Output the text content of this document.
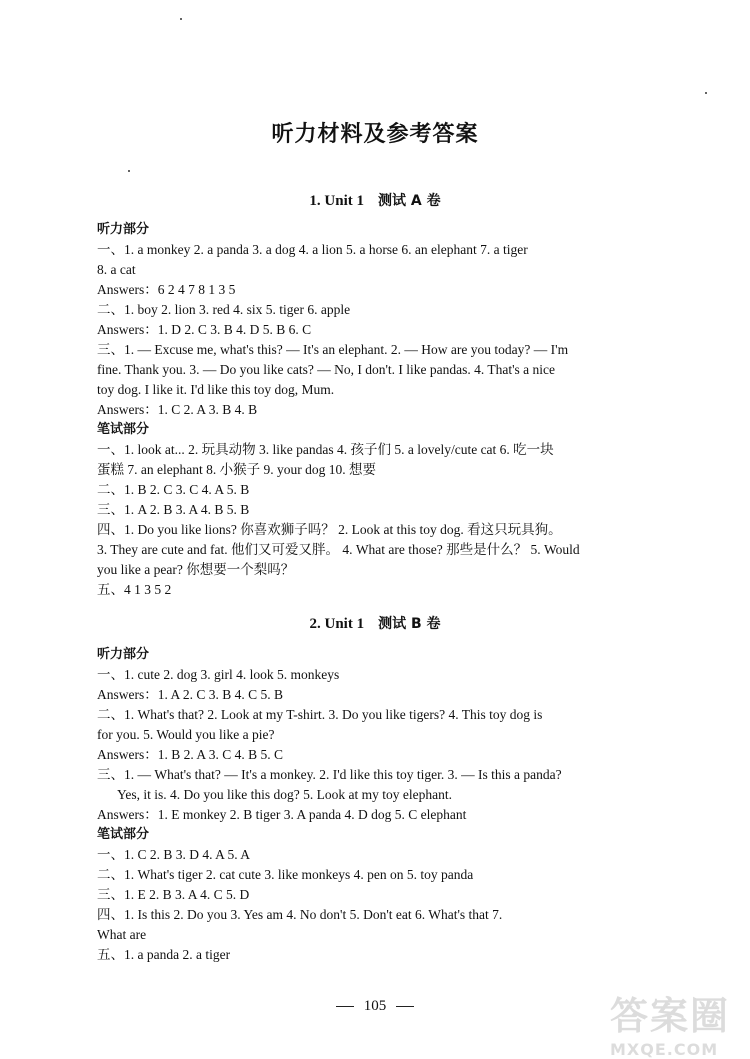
听力材料及参考答案
1. Unit 1 测试 A 卷
听力部分
一、1. a monkey 2. a panda 3. a dog 4. a lion 5. a horse 6. an elephant 7. a tiger
8. a cat
Answers：6 2 4 7 8 1 3 5
二、1. boy 2. lion 3. red 4. six 5. tiger 6. apple
Answers：1. D 2. C 3. B 4. D 5. B 6. C
三、1. — Excuse me, what's this? — It's an elephant. 2. — How are you today? — I'm
fine. Thank you. 3. — Do you like cats? — No, I don't. I like pandas. 4. That's a nice
toy dog. I like it. I'd like this toy dog, Mum.
Answers：1. C 2. A 3. B 4. B
笔试部分
一、1. look at... 2. 玩具动物 3. like pandas 4. 孩子们 5. a lovely/cute cat 6. 吃一块
蛋糕 7. an elephant 8. 小猴子 9. your dog 10. 想要
二、1. B 2. C 3. C 4. A 5. B
三、1. A 2. B 3. A 4. B 5. B
四、1. Do you like lions? 你喜欢狮子吗？ 2. Look at this toy dog. 看这只玩具狗。
3. They are cute and fat. 他们又可爱又胖。 4. What are those? 那些是什么？ 5. Would
you like a pear? 你想要一个梨吗？
五、4 1 3 5 2
2. Unit 1 测试 B 卷
听力部分
一、1. cute 2. dog 3. girl 4. look 5. monkeys
Answers：1. A 2. C 3. B 4. C 5. B
二、1. What's that? 2. Look at my T-shirt. 3. Do you like tigers? 4. This toy dog is
for you. 5. Would you like a pie?
Answers：1. B 2. A 3. C 4. B 5. C
三、1. — What's that? — It's a monkey. 2. I'd like this toy tiger. 3. — Is this a panda?
Yes, it is. 4. Do you like this dog? 5. Look at my toy elephant.
Answers：1. E monkey 2. B tiger 3. A panda 4. D dog 5. C elephant
笔试部分
一、1. C 2. B 3. D 4. A 5. A
二、1. What's tiger 2. cat cute 3. like monkeys 4. pen on 5. toy panda
三、1. E 2. B 3. A 4. C 5. D
四、1. Is this 2. Do you 3. Yes am 4. No don't 5. Don't eat 6. What's that 7.
What are
五、1. a panda 2. a tiger
105	答案圈
MXQE.COM
